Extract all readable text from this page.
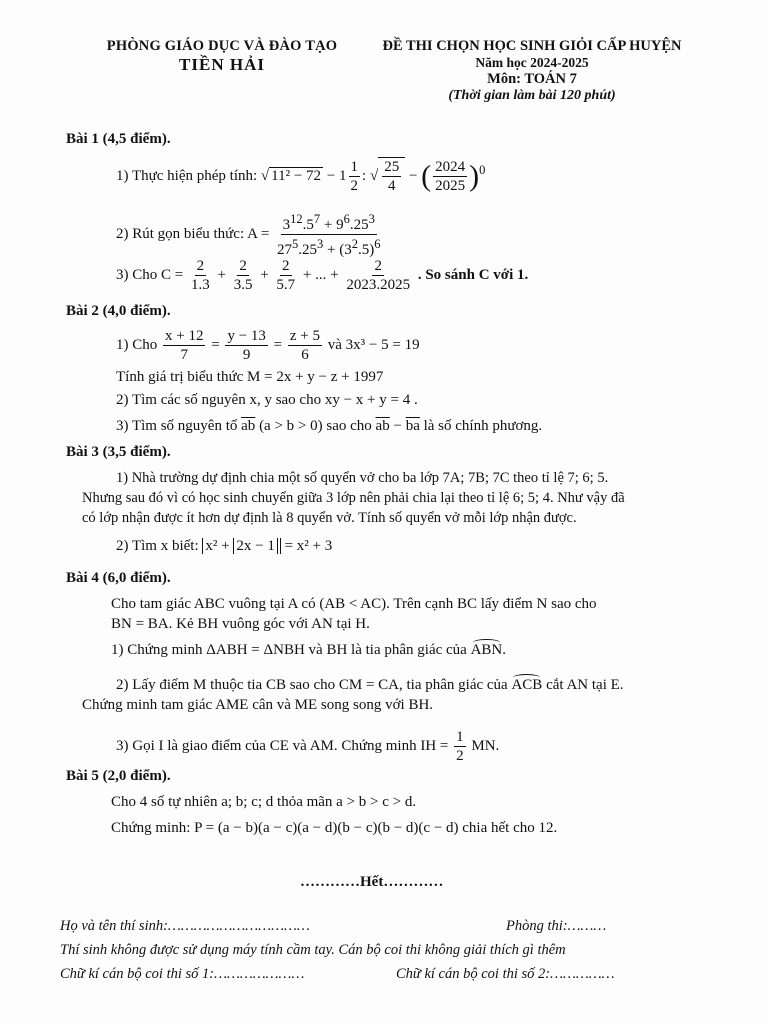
PHÒNG GIÁO DỤC VÀ ĐÀO TẠO
TIỀN HẢI
ĐỀ THI CHỌN HỌC SINH GIỎI CẤP HUYỆN
Năm học 2024-2025
Môn: TOÁN 7
(Thời gian làm bài 120 phút)
Bài 1 (4,5 điểm).
1) Thực hiện phép tính: √ $11^2 - 72 - 1 \frac{1}{2}$ : √ $\frac{25}{4}$ − ( $\frac{2024}{2025} )^0$
2) Rút gọn biểu thức: $A = \frac{3^{12}.5^7 + 9^6.25^3}{27^5.25^3 + (3^2.5)^6}$
3) Cho $C = \frac{2}{1.3} + \frac{2}{3.5} + \frac{2}{5.7}$ + ... + $\frac{2}{2023.2025}$ . So sánh C với 1.
Bài 2 (4,0 điểm).
1) Cho $\frac{x + 12}{7} = \frac{y - 13}{9} = \frac{z + 5}{6}$ và 3x³ − 5 = 19
Tính giá trị biểu thức M = 2x + y − z + 1997
2) Tìm các số nguyên x, y sao cho xy − x + y = 4 .
3) Tìm số nguyên tố $\overline{ab}$ (a > b > 0) sao cho $\overline{ab} - \overline{ba}$ là số chính phương.
Bài 3 (3,5 điểm).
1) Nhà trường dự định chia một số quyển vở cho ba lớp 7A; 7B; 7C theo tỉ lệ 7; 6; 5.
Nhưng sau đó vì có học sinh chuyển giữa 3 lớp nên phải chia lại theo tỉ lệ 6; 5; 4. Như vậy đã
có lớp nhận được ít hơn dự định là 8 quyển vở. Tính số quyển vở mỗi lớp nhận được.
2) Tìm x biết: x² + 2x − 1 = x² + 3
Bài 4 (6,0 điểm).
Cho tam giác ABC vuông tại A có (AB < AC). Trên cạnh BC lấy điểm N sao cho
BN = BA. Kẻ BH vuông góc với AN tại H.
1) Chứng minh ΔABH = ΔNBH và BH là tia phân giác của ABN.
2) Lấy điểm M thuộc tia CB sao cho CM = CA, tia phân giác của ACB cắt AN tại E.
Chứng minh tam giác AME cân và ME song song với BH.
3) Gọi I là giao điểm của CE và AM. Chứng minh IH = $\frac{1}{2}$ MN.
Bài 5 (2,0 điểm).
Cho 4 số tự nhiên a; b; c; d thỏa mãn a > b > c > d.
Chứng minh: P = (a − b)(a − c)(a − d)(b − c)(b − d)(c − d) chia hết cho 12.
…………Hết…………
Họ và tên thí sinh:……………………………	Phòng thi:………
Thí sinh không được sử dụng máy tính cầm tay. Cán bộ coi thi không giải thích gì thêm
Chữ kí cán bộ coi thi số 1:…………………	Chữ kí cán bộ coi thi số 2:……………
